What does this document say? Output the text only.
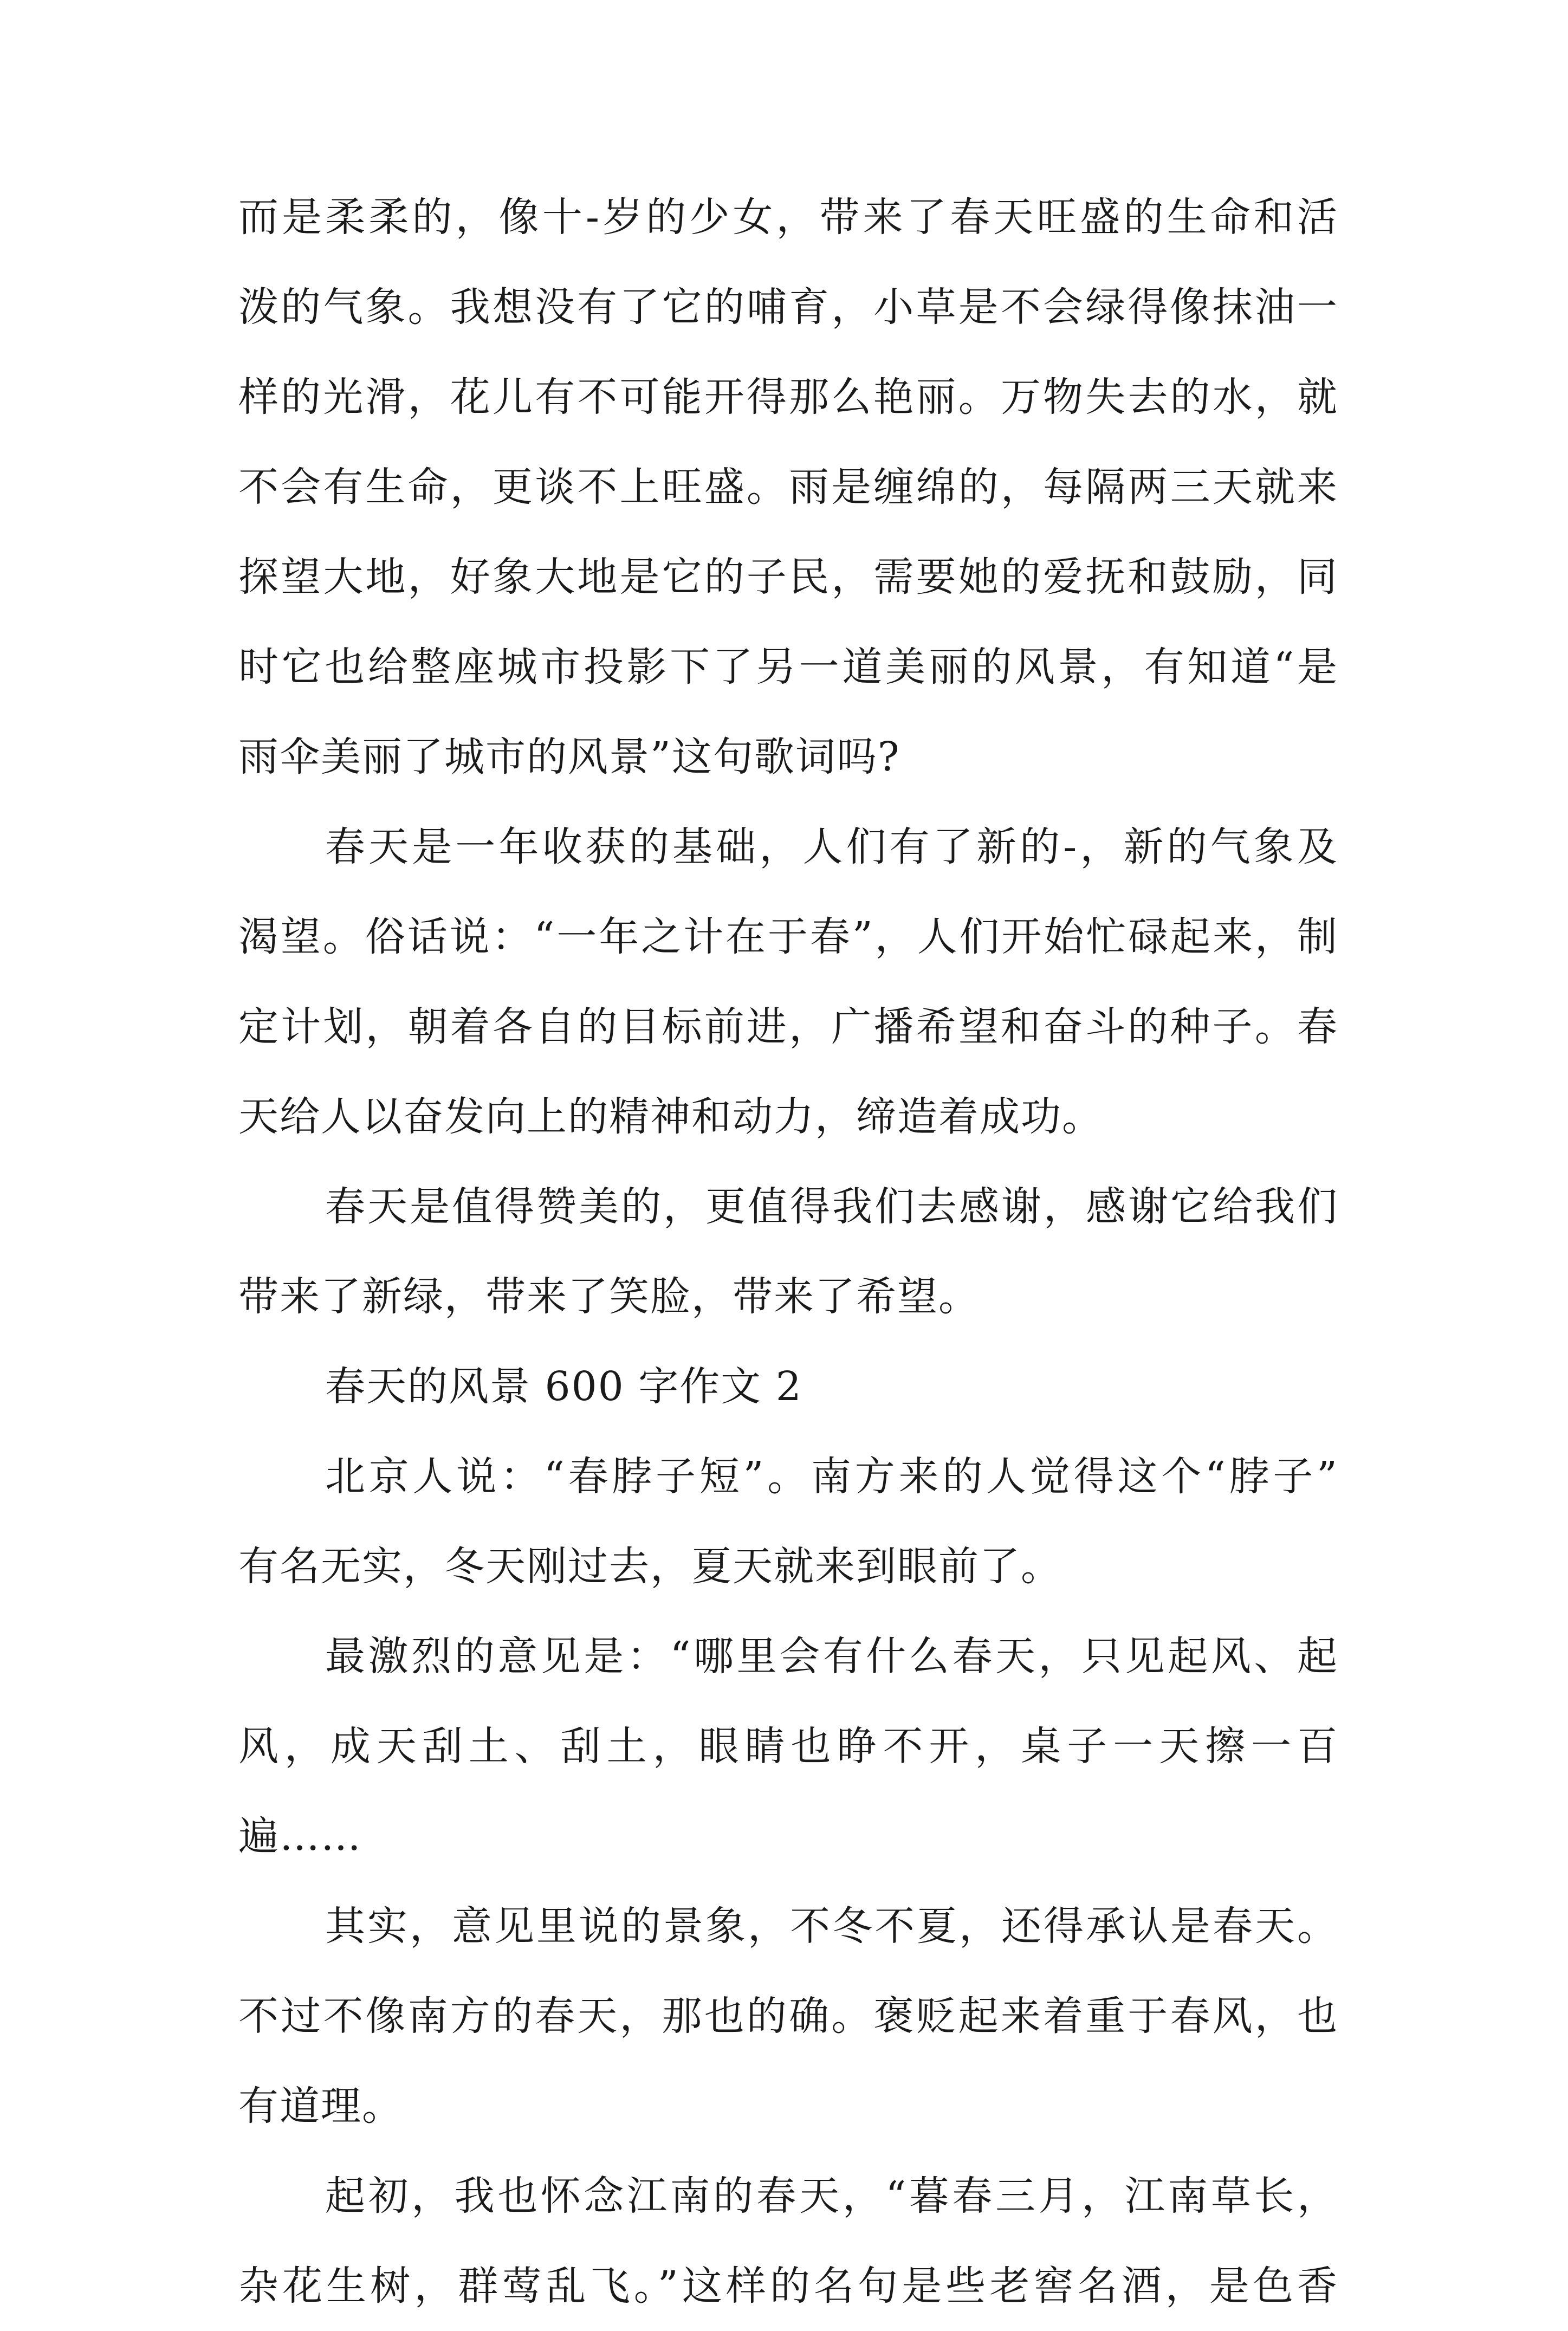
而是柔柔的，像十-岁的少女，带来了春天旺盛的生命和活
泼的气象。我想没有了它的哺育，小草是不会绿得像抹油一
样的光滑，花儿有不可能开得那么艳丽。万物失去的水，就
不会有生命，更谈不上旺盛。雨是缠绵的，每隔两三天就来
探望大地，好象大地是它的子民，需要她的爱抚和鼓励，同
时它也给整座城市投影下了另一道美丽的风景，有知道“是
雨伞美丽了城市的风景”这句歌词吗?
春天是一年收获的基础，人们有了新的-，新的气象及
渴望。俗话说：“一年之计在于春”，人们开始忙碌起来，制
定计划，朝着各自的目标前进，广播希望和奋斗的种子。春
天给人以奋发向上的精神和动力，缔造着成功。
春天是值得赞美的，更值得我们去感谢，感谢它给我们
带来了新绿，带来了笑脸，带来了希望。
春天的风景 600 字作文 2
北京人说：“春脖子短”。南方来的人觉得这个“脖子”
有名无实，冬天刚过去，夏天就来到眼前了。
最激烈的意见是：“哪里会有什么春天，只见起风、起
风，成天刮土、刮土，眼睛也睁不开，桌子一天擦一百
遍……
其实，意见里说的景象，不冬不夏，还得承认是春天。
不过不像南方的春天，那也的确。褒贬起来着重于春风，也
有道理。
起初，我也怀念江南的春天，“暮春三月，江南草长，
杂花生树，群莺乱飞。”这样的名句是些老窖名酒，是色香
